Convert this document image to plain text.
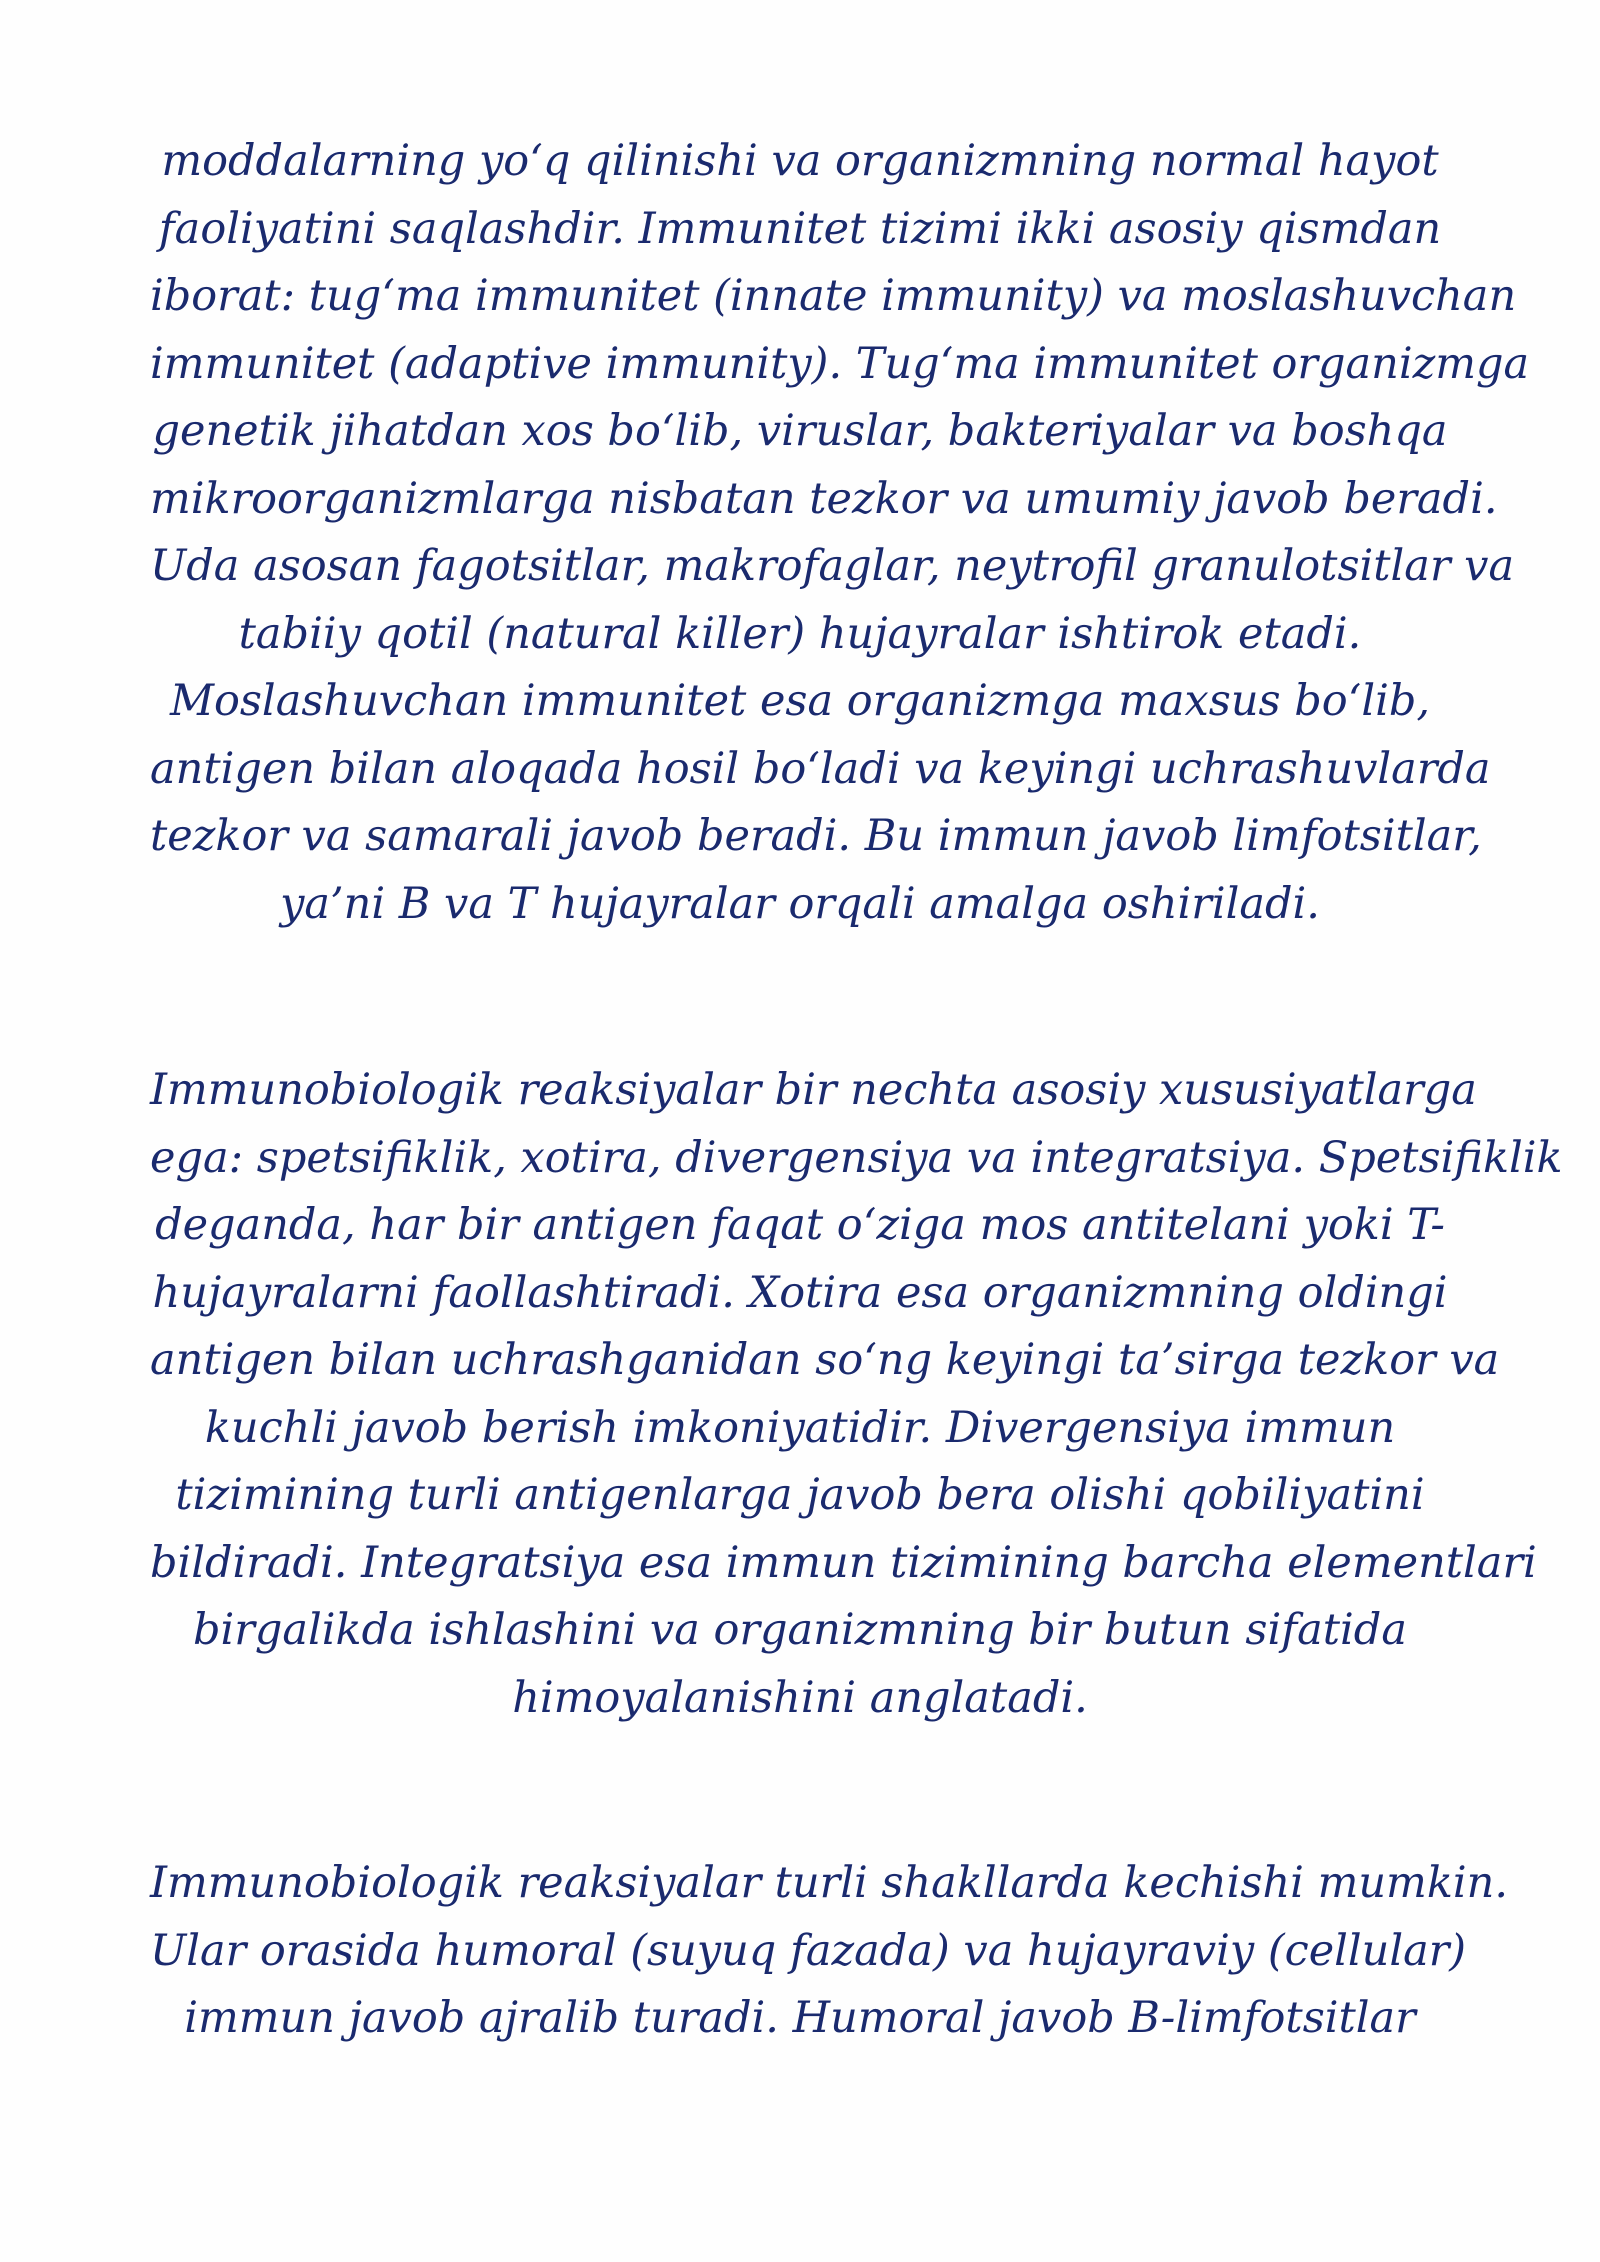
moddalarning yo‘q qilinishi va organizmning normal hayot
faoliyatini saqlashdir. Immunitet tizimi ikki asosiy qismdan
iborat: tug‘ma immunitet (innate immunity) va moslashuvchan
immunitet (adaptive immunity). Tug‘ma immunitet organizmga
genetik jihatdan xos bo‘lib, viruslar, bakteriyalar va boshqa
mikroorganizmlarga nisbatan tezkor va umumiy javob beradi.
Uda asosan fagotsitlar, makrofaglar, neytrofil granulotsitlar va
tabiiy qotil (natural killer) hujayralar ishtirok etadi.
Moslashuvchan immunitet esa organizmga maxsus bo‘lib,
antigen bilan aloqada hosil bo‘ladi va keyingi uchrashuvlarda
tezkor va samarali javob beradi. Bu immun javob limfotsitlar,
ya’ni B va T hujayralar orqali amalga oshiriladi.

Immunobiologik reaksiyalar bir nechta asosiy xususiyatlarga
ega: spetsifiklik, xotira, divergensiya va integratsiya. Spetsifiklik
deganda, har bir antigen faqat o‘ziga mos antitelani yoki T-
hujayralarni faollashtiradi. Xotira esa organizmning oldingi
antigen bilan uchrashganidan so‘ng keyingi ta’sirga tezkor va
kuchli javob berish imkoniyatidir. Divergensiya immun
tizimining turli antigenlarga javob bera olishi qobiliyatini
bildiradi. Integratsiya esa immun tizimining barcha elementlari
birgalikda ishlashini va organizmning bir butun sifatida
himoyalanishini anglatadi.

Immunobiologik reaksiyalar turli shakllarda kechishi mumkin.
Ular orasida humoral (suyuq fazada) va hujayraviy (cellular)
immun javob ajralib turadi. Humoral javob B-limfotsitlar
